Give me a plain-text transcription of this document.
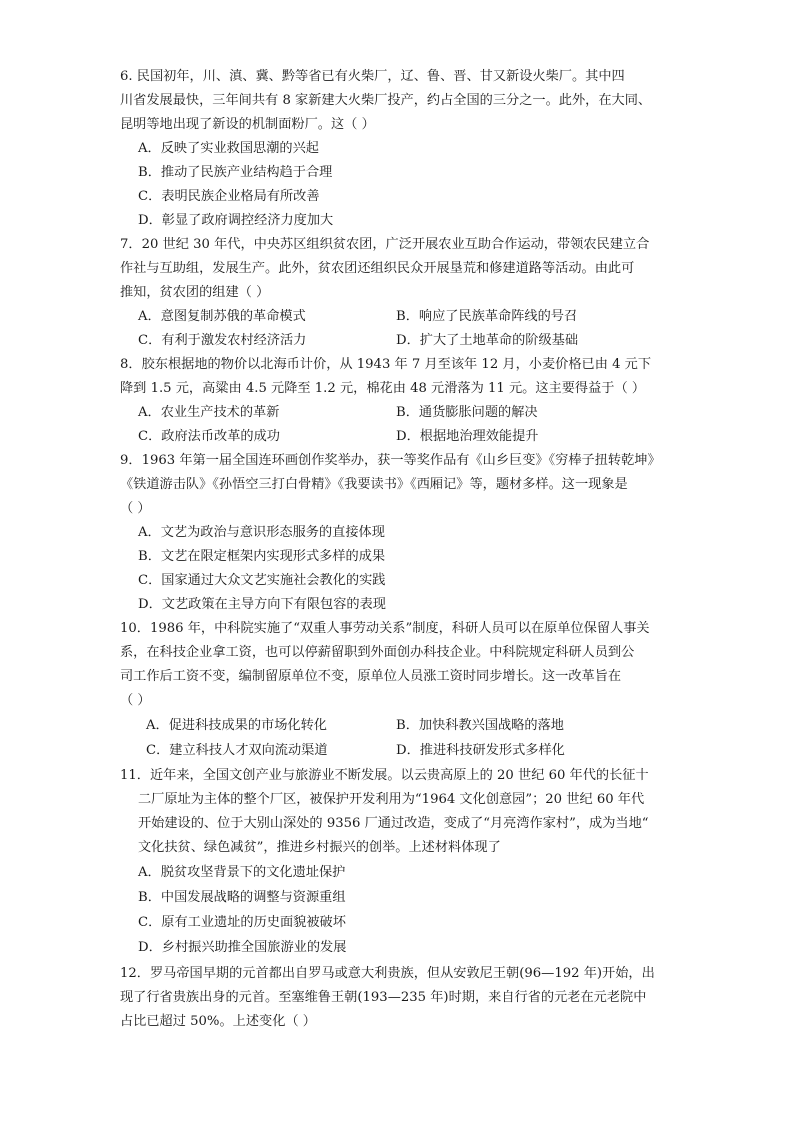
6. 民国初年，川、滇、冀、黔等省已有火柴厂，辽、鲁、晋、甘又新设火柴厂。其中四
川省发展最快，三年间共有 8 家新建大火柴厂投产，约占全国的三分之一。此外，在大同、
昆明等地出现了新设的机制面粉厂。这（ ）
A．反映了实业救国思潮的兴起
B．推动了民族产业结构趋于合理
C．表明民族企业格局有所改善
D．彰显了政府调控经济力度加大
7．20 世纪 30 年代，中央苏区组织贫农团，广泛开展农业互助合作运动，带领农民建立合
作社与互助组，发展生产。此外，贫农团还组织民众开展垦荒和修建道路等活动。由此可
推知，贫农团的组建（ ）
A．意图复制苏俄的革命模式	B．响应了民族革命阵线的号召
C．有利于激发农村经济活力	D．扩大了土地革命的阶级基础
8．胶东根据地的物价以北海币计价，从 1943 年 7 月至该年 12 月，小麦价格已由 4 元下
降到 1.5 元，高粱由 4.5 元降至 1.2 元，棉花由 48 元滑落为 11 元。这主要得益于（ ）
A．农业生产技术的革新	B．通货膨胀问题的解决
C．政府法币改革的成功	D．根据地治理效能提升
9．1963 年第一届全国连环画创作奖举办，获一等奖作品有《山乡巨变》《穷棒子扭转乾坤》
《铁道游击队》《孙悟空三打白骨精》《我要读书》《西厢记》等，题材多样。这一现象是
（ ）
A．文艺为政治与意识形态服务的直接体现
B．文艺在限定框架内实现形式多样的成果
C．国家通过大众文艺实施社会教化的实践
D．文艺政策在主导方向下有限包容的表现
10．1986 年，中科院实施了“双重人事劳动关系”制度，科研人员可以在原单位保留人事关
系，在科技企业拿工资，也可以停薪留职到外面创办科技企业。中科院规定科研人员到公
司工作后工资不变，编制留原单位不变，原单位人员涨工资时同步增长。这一改革旨在
（ ）
A．促进科技成果的市场化转化	B．加快科教兴国战略的落地
C．建立科技人才双向流动渠道	D．推进科技研发形式多样化
11．近年来，全国文创产业与旅游业不断发展。以云贵高原上的 20 世纪 60 年代的长征十
二厂原址为主体的整个厂区，被保护开发利用为“1964 文化创意园”；20 世纪 60 年代
开始建设的、位于大别山深处的 9356 厂通过改造，变成了“月亮湾作家村”，成为当地“
文化扶贫、绿色减贫”，推进乡村振兴的创举。上述材料体现了
A．脱贫攻坚背景下的文化遗址保护
B．中国发展战略的调整与资源重组
C．原有工业遗址的历史面貌被破坏
D．乡村振兴助推全国旅游业的发展
12．罗马帝国早期的元首都出自罗马或意大利贵族，但从安敦尼王朝(96—192 年)开始，出
现了行省贵族出身的元首。至塞维鲁王朝(193—235 年)时期，来自行省的元老在元老院中
占比已超过 50%。上述变化（ ）
